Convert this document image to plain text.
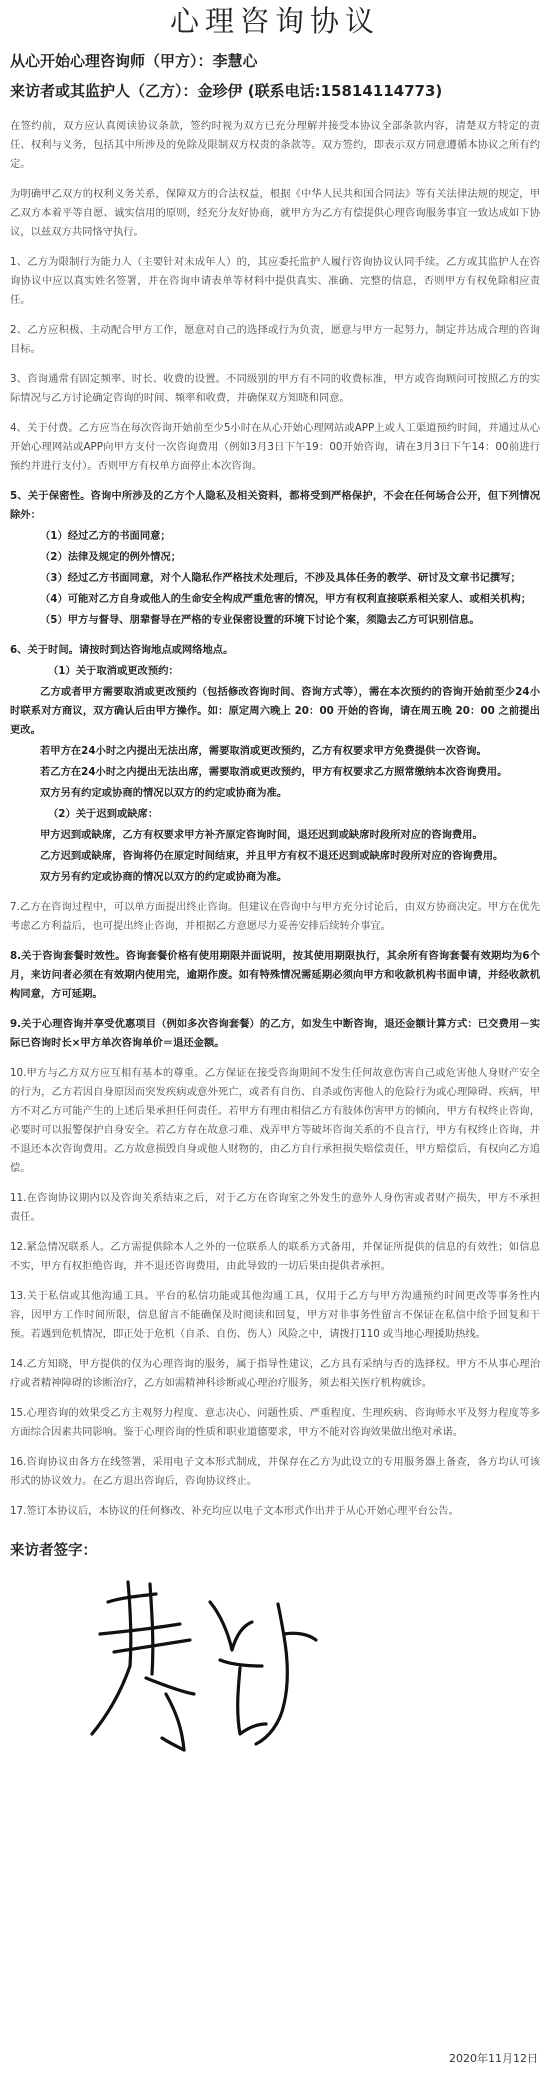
心理咨询协议
从心开始心理咨询师（甲方）：李慧心
来访者或其监护人（乙方）：金珍伊 (联系电话:15814114773)
在签约前，双方应认真阅读协议条款，签约时视为双方已充分理解并接受本协议全部条款内容，清楚双方特定的责任、权利与义务，包括其中所涉及的免除及限制双方权责的条款等。双方签约，即表示双方同意遵循本协议之所有约定。
为明确甲乙双方的权利义务关系，保障双方的合法权益，根据《中华人民共和国合同法》等有关法律法规的规定，甲乙双方本着平等自愿、诚实信用的原则，经充分友好协商，就甲方为乙方有偿提供心理咨询服务事宜一致达成如下协议，以兹双方共同恪守执行。
1、乙方为限制行为能力人（主要针对未成年人）的，其应委托监护人履行咨询协议认同手续。乙方或其监护人在咨询协议中应以真实姓名签署，并在咨询申请表单等材料中提供真实、准确、完整的信息，否则甲方有权免除相应责任。
2、乙方应积极、主动配合甲方工作，愿意对自己的选择或行为负责，愿意与甲方一起努力，制定并达成合理的咨询目标。
3、咨询通常有固定频率、时长、收费的设置。不同级别的甲方有不同的收费标准，甲方或咨询顾问可按照乙方的实际情况与乙方讨论确定咨询的时间、频率和收费，并确保双方知晓和同意。
4、关于付费。乙方应当在每次咨询开始前至少5小时在从心开始心理网站或APP上或人工渠道预约时间，并通过从心开始心理网站或APP向甲方支付一次咨询费用（例如3月3日下午19：00开始咨询，请在3月3日下午14：00前进行预约并进行支付）。否则甲方有权单方面停止本次咨询。
5、关于保密性。咨询中所涉及的乙方个人隐私及相关资料，都将受到严格保护，不会在任何场合公开，但下列情况除外：
（1）经过乙方的书面同意；
（2）法律及规定的例外情况；
（3）经过乙方书面同意，对个人隐私作严格技术处理后，不涉及具体任务的教学、研讨及文章书记撰写；
（4）可能对乙方自身或他人的生命安全构成严重危害的情况，甲方有权利直接联系相关家人、或相关机构；
（5）甲方与督导、朋辈督导在严格的专业保密设置的环境下讨论个案，须隐去乙方可识别信息。
6、关于时间。请按时到达咨询地点或网络地点。
（1）关于取消或更改预约：
乙方或者甲方需要取消或更改预约（包括修改咨询时间、咨询方式等），需在本次预约的咨询开始前至少24小时联系对方商议，双方确认后由甲方操作。如：原定周六晚上 20：00 开始的咨询，请在周五晚 20：00 之前提出更改。
若甲方在24小时之内提出无法出席，需要取消或更改预约，乙方有权要求甲方免费提供一次咨询。
若乙方在24小时之内提出无法出席，需要取消或更改预约，甲方有权要求乙方照常缴纳本次咨询费用。
双方另有约定或协商的情况以双方的约定或协商为准。
（2）关于迟到或缺席：
甲方迟到或缺席，乙方有权要求甲方补齐原定咨询时间，退还迟到或缺席时段所对应的咨询费用。
乙方迟到或缺席，咨询将仍在原定时间结束，并且甲方有权不退还迟到或缺席时段所对应的咨询费用。
双方另有约定或协商的情况以双方的约定或协商为准。
7.乙方在咨询过程中，可以单方面提出终止咨询。但建议在咨询中与甲方充分讨论后，由双方协商决定。甲方在优先考虑乙方利益后，也可提出终止咨询，并根据乙方意愿尽力妥善安排后续转介事宜。
8.关于咨询套餐时效性。咨询套餐价格有使用期限并面说明，按其使用期限执行，其余所有咨询套餐有效期均为6个月，来访问者必须在有效期内使用完，逾期作废。如有特殊情况需延期必须向甲方和收款机构书面申请，并经收款机构同意，方可延期。
9.关于心理咨询并享受优惠项目（例如多次咨询套餐）的乙方，如发生中断咨询，退还金额计算方式：已交费用－实际已咨询时长×甲方单次咨询单价＝退还金额。
10.甲方与乙方双方应互相有基本的尊重。乙方保证在接受咨询期间不发生任何故意伤害自己或危害他人身财产安全的行为，乙方若因自身原因而突发疾病或意外死亡，或者有自伤、自杀或伤害他人的危险行为或心理障碍、疾病，甲方不对乙方可能产生的上述后果承担任何责任。若甲方有理由相信乙方有肢体伤害甲方的倾向，甲方有权终止咨询，必要时可以报警保护自身安全。若乙方存在故意刁难、戏弄甲方等破坏咨询关系的不良言行，甲方有权终止咨询，并不退还本次咨询费用。乙方故意损毁自身或他人财物的，由乙方自行承担损失赔偿责任，甲方赔偿后，有权向乙方追偿。
11.在咨询协议期内以及咨询关系结束之后，对于乙方在咨询室之外发生的意外人身伤害或者财产损失，甲方不承担责任。
12.紧急情况联系人。乙方需提供除本人之外的一位联系人的联系方式备用，并保证所提供的信息的有效性；如信息不实，甲方有权拒绝咨询，并不退还咨询费用，由此导致的一切后果由提供者承担。
13.关于私信或其他沟通工具。平台的私信功能或其他沟通工具，仅用于乙方与甲方沟通预约时间更改等事务性内容，因甲方工作时间所限，信息留言不能确保及时阅读和回复，甲方对非事务性留言不保证在私信中给予回复和干预。若遇到危机情况，即正处于危机（自杀、自伤、伤人）风险之中，请拨打110 或当地心理援助热线。
14.乙方知晓，甲方提供的仅为心理咨询的服务，属于指导性建议，乙方具有采纳与否的选择权。甲方不从事心理治疗或者精神障碍的诊断治疗，乙方如需精神科诊断或心理治疗服务，须去相关医疗机构就诊。
15.心理咨询的效果受乙方主观努力程度、意志决心、问题性质、严重程度、生理疾病、咨询师水平及努力程度等多方面综合因素共同影响。鉴于心理咨询的性质和职业道德要求，甲方不能对咨询效果做出绝对承诺。
16.咨询协议由各方在线签署，采用电子文本形式制成，并保存在乙方为此设立的专用服务器上备查，各方均认可该形式的协议效力。在乙方退出咨询后，咨询协议终止。
17.签订本协议后，本协议的任何修改、补充均应以电子文本形式作出并于从心开始心理平台公告。
来访者签字：
2020年11月12日
